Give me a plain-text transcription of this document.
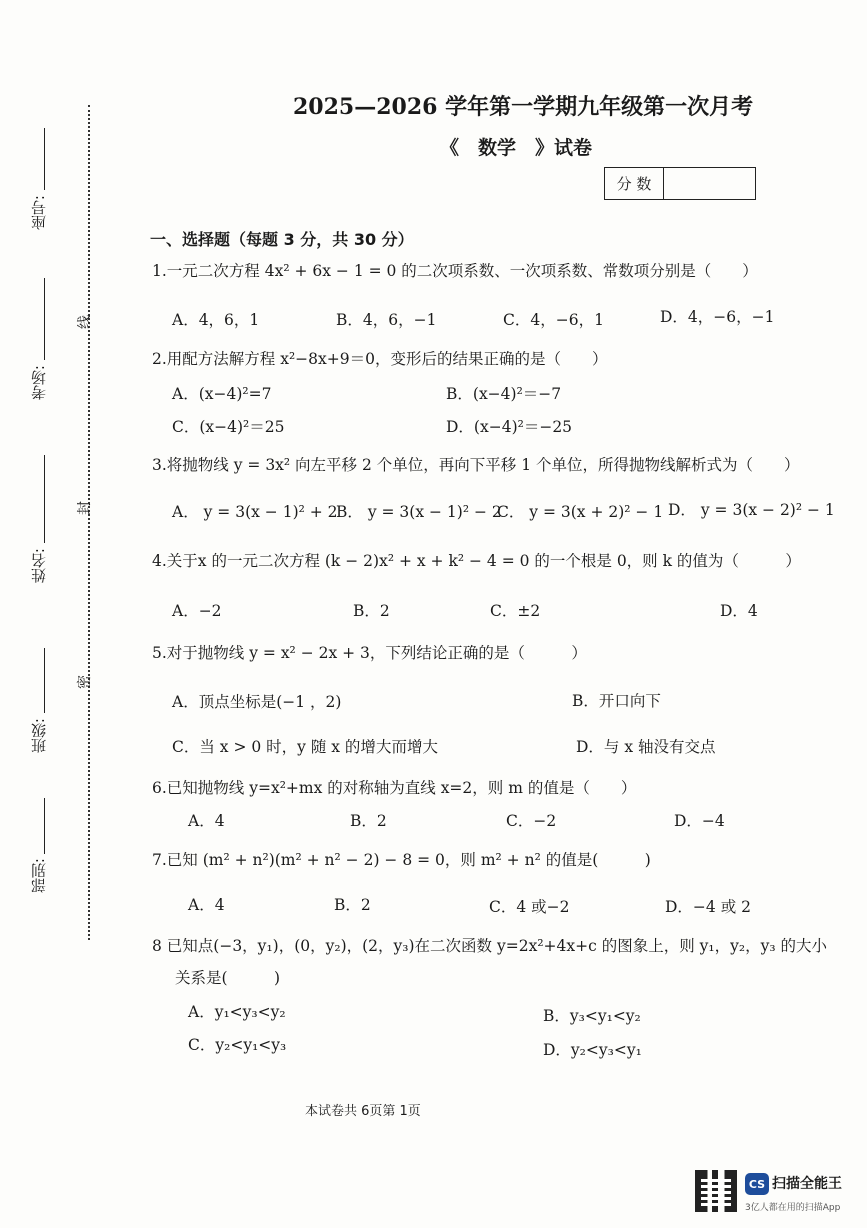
座号:
考场:
姓名:
班级:
部别:
线
封
密
2025—2026 学年第一学期九年级第一次月考
《　数学　》试卷
分 数
一、选择题（每题 3 分，共 30 分）
1.一元二次方程 4x² + 6x − 1 = 0 的二次项系数、一次项系数、常数项分别是（　　）
A．4，6，1	B．4，6，−1	C．4，−6，1	D．4，−6，−1
2.用配方法解方程 x²−8x+9＝0，变形后的结果正确的是（　　）
A．(x−4)²=7	B．(x−4)²＝−7
C．(x−4)²＝25	D．(x−4)²＝−25
3.将抛物线 y = 3x² 向左平移 2 个单位，再向下平移 1 个单位，所得抛物线解析式为（　　）
A． y = 3(x − 1)² + 2
B． y = 3(x − 1)² − 2
C． y = 3(x + 2)² − 1 D． y = 3(x − 2)² − 1
4.关于x 的一元二次方程 (k − 2)x² + x + k² − 4 = 0 的一个根是 0，则 k 的值为（　　　）
A．−2	B．2	C．±2	D．4
5.对于抛物线 y = x² − 2x + 3，下列结论正确的是（　　　）
A．顶点坐标是(−1 ，2)	B．开口向下
C．当 x > 0 时，y 随 x 的增大而增大	D．与 x 轴没有交点
6.已知抛物线 y=x²+mx 的对称轴为直线 x=2，则 m 的值是（　　）
A．4	B．2	C．−2	D．−4
7.已知 (m² + n²)(m² + n² − 2) − 8 = 0，则 m² + n² 的值是(　　　)
A．4	B．2	C．4 或−2	D．−4 或 2
8 已知点(−3，y₁)，(0，y₂)，(2，y₃)在二次函数 y=2x²+4x+c 的图象上，则 y₁，y₂，y₃ 的大小
关系是(　　　)
A．y₁<y₃<y₂	B．y₃<y₁<y₂
C．y₂<y₁<y₃	D．y₂<y₃<y₁
本试卷共 6页第 1页
CS 扫描全能王
3亿人都在用的扫描App
